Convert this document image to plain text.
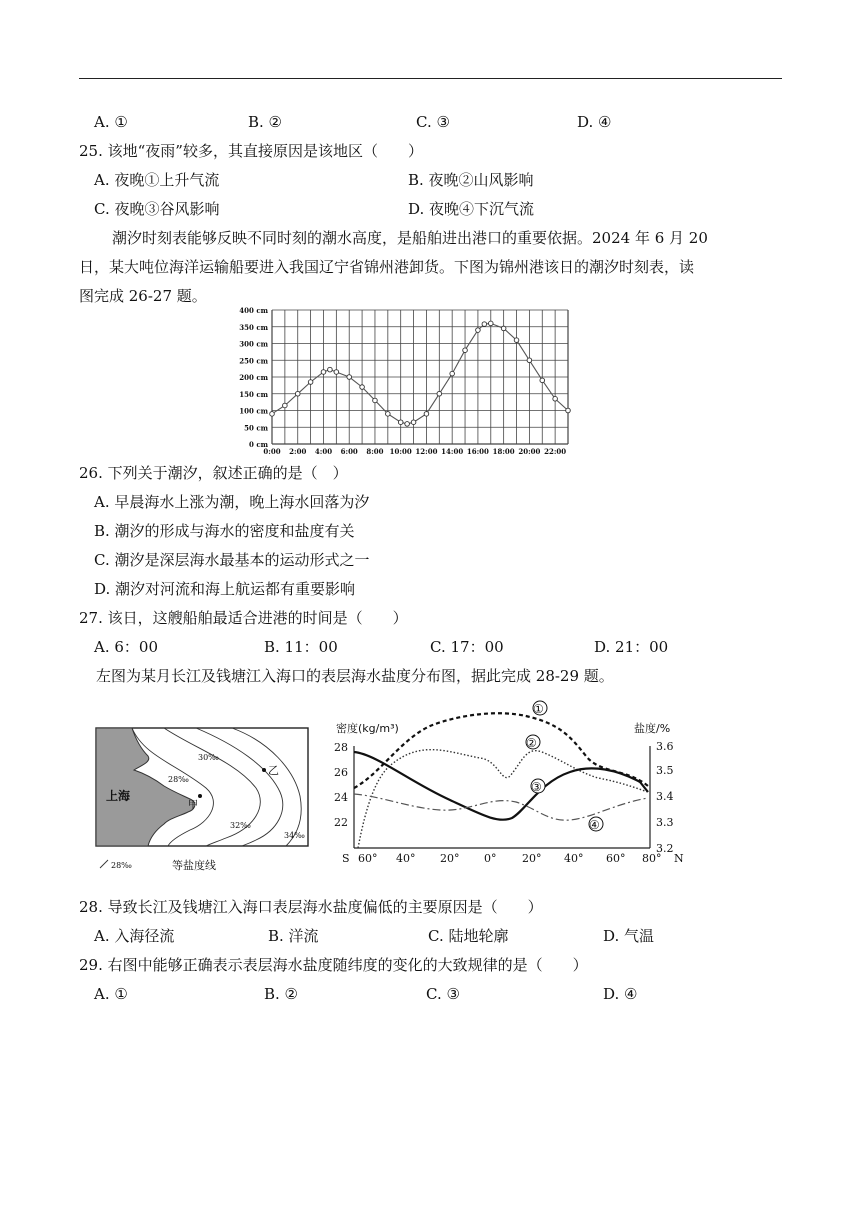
A. ①	B. ②	C. ③	D. ④
25. 该地“夜雨”较多，其直接原因是该地区（　　）
A. 夜晚①上升气流	B. 夜晚②山风影响
C. 夜晚③谷风影响	D. 夜晚④下沉气流
潮汐时刻表能够反映不同时刻的潮水高度，是船舶进出港口的重要依据。2024 年 6 月 20
日，某大吨位海洋运输船要进入我国辽宁省锦州港卸货。下图为锦州港该日的潮汐时刻表，读
图完成 26-27 题。
0 cm
50 cm
100 cm
150 cm
200 cm
250 cm
300 cm
350 cm
400 cm
0:00 2:00 4:00 6:00 8:00 10:00 12:00 14:00 16:00 18:00 20:00 22:00
26. 下列关于潮汐，叙述正确的是（　）
A. 早晨海水上涨为潮，晚上海水回落为汐
B. 潮汐的形成与海水的密度和盐度有关
C. 潮汐是深层海水最基本的运动形式之一
D. 潮汐对河流和海上航运都有重要影响
27. 该日，这艘船舶最适合进港的时间是（　　）
A. 6：00	B. 11：00	C. 17：00	D. 21：00
左图为某月长江及钱塘江入海口的表层海水盐度分布图，据此完成 28-29 题。
上海
甲
乙
30‰
28‰
32‰
34‰
28‰	等盐度线
密度(kg/m³)	盐度/%
28
26
24
22
3.6
3.5
3.4
3.3
3.2
S 60° 40° 20° 0° 20° 40° 60° 80° N
①
②
③
④
28. 导致长江及钱塘江入海口表层海水盐度偏低的主要原因是（　　）
A. 入海径流	B. 洋流	C. 陆地轮廓	D. 气温
29. 右图中能够正确表示表层海水盐度随纬度的变化的大致规律的是（　　）
A. ①	B. ②	C. ③	D. ④
